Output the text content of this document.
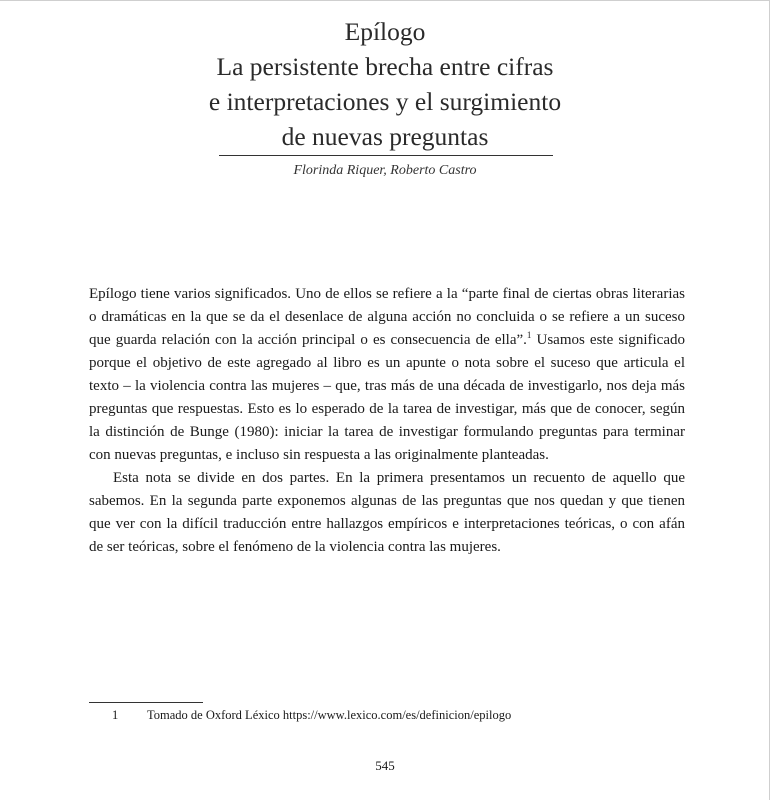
Epílogo
La persistente brecha entre cifras
e interpretaciones y el surgimiento
de nuevas preguntas
Florinda Riquer, Roberto Castro

Epílogo tiene varios significados. Uno de ellos se refiere a la “parte final de ciertas obras literarias o dramáticas en la que se da el desenlace de alguna acción no concluida o se refiere a un suceso que guarda relación con la acción principal o es consecuencia de ella”.$^1$ Usamos este significado porque el objetivo de este agregado al libro es un apunte o nota sobre el suceso que articula el texto – la violencia contra las mujeres – que, tras más de una década de investigarlo, nos deja más preguntas que respuestas. Esto es lo esperado de la tarea de investigar, más que de conocer, según la distinción de Bunge (1980): iniciar la tarea de investigar formulando preguntas para terminar con nuevas preguntas, e incluso sin respuesta a las originalmente planteadas.

Esta nota se divide en dos partes. En la primera presentamos un recuento de aquello que sabemos. En la segunda parte exponemos algunas de las preguntas que nos quedan y que tienen que ver con la difícil traducción entre hallazgos empíricos e interpretaciones teóricas, o con afán de ser teóricas, sobre el fenómeno de la violencia contra las mujeres.

1 Tomado de Oxford Léxico https://www.lexico.com/es/definicion/epilogo
545
